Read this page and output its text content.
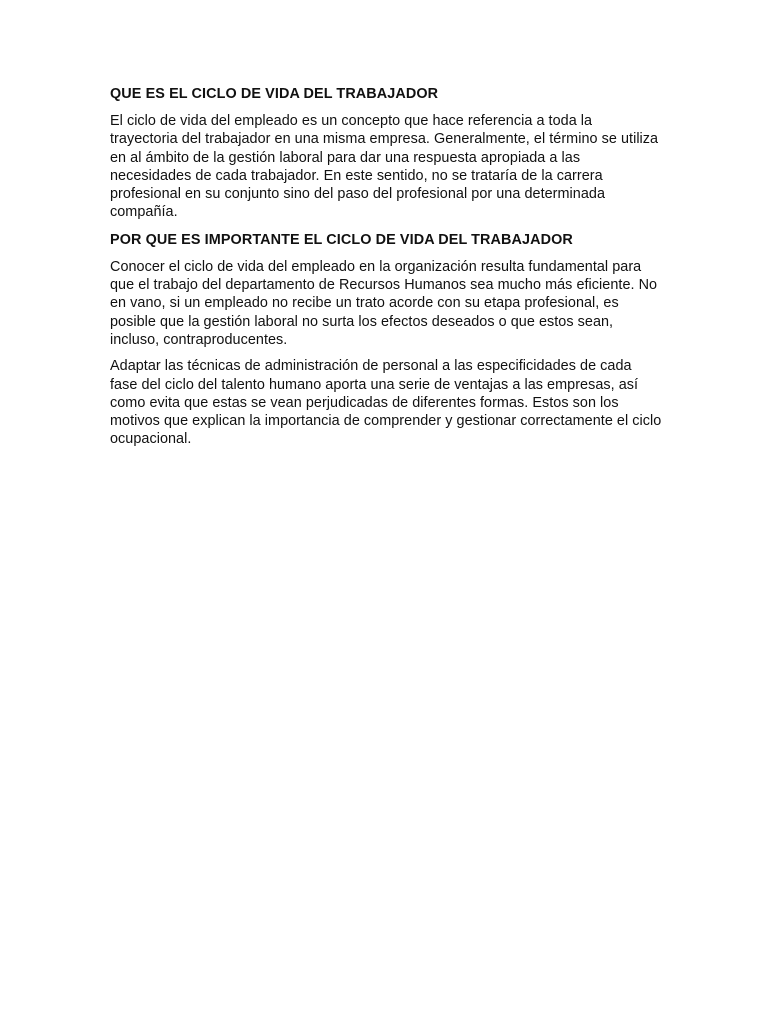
QUE ES EL CICLO DE VIDA DEL TRABAJADOR

El ciclo de vida del empleado es un concepto que hace referencia a toda la trayectoria del trabajador en una misma empresa. Generalmente, el término se utiliza en al ámbito de la gestión laboral para dar una respuesta apropiada a las necesidades de cada trabajador. En este sentido, no se trataría de la carrera profesional en su conjunto sino del paso del profesional por una determinada compañía.

POR QUE ES IMPORTANTE EL CICLO DE VIDA DEL TRABAJADOR

Conocer el ciclo de vida del empleado en la organización resulta fundamental para que el trabajo del departamento de Recursos Humanos sea mucho más eficiente. No en vano, si un empleado no recibe un trato acorde con su etapa profesional, es posible que la gestión laboral no surta los efectos deseados o que estos sean, incluso, contraproducentes.

Adaptar las técnicas de administración de personal a las especificidades de cada fase del ciclo del talento humano aporta una serie de ventajas a las empresas, así como evita que estas se vean perjudicadas de diferentes formas. Estos son los motivos que explican la importancia de comprender y gestionar correctamente el ciclo ocupacional.
